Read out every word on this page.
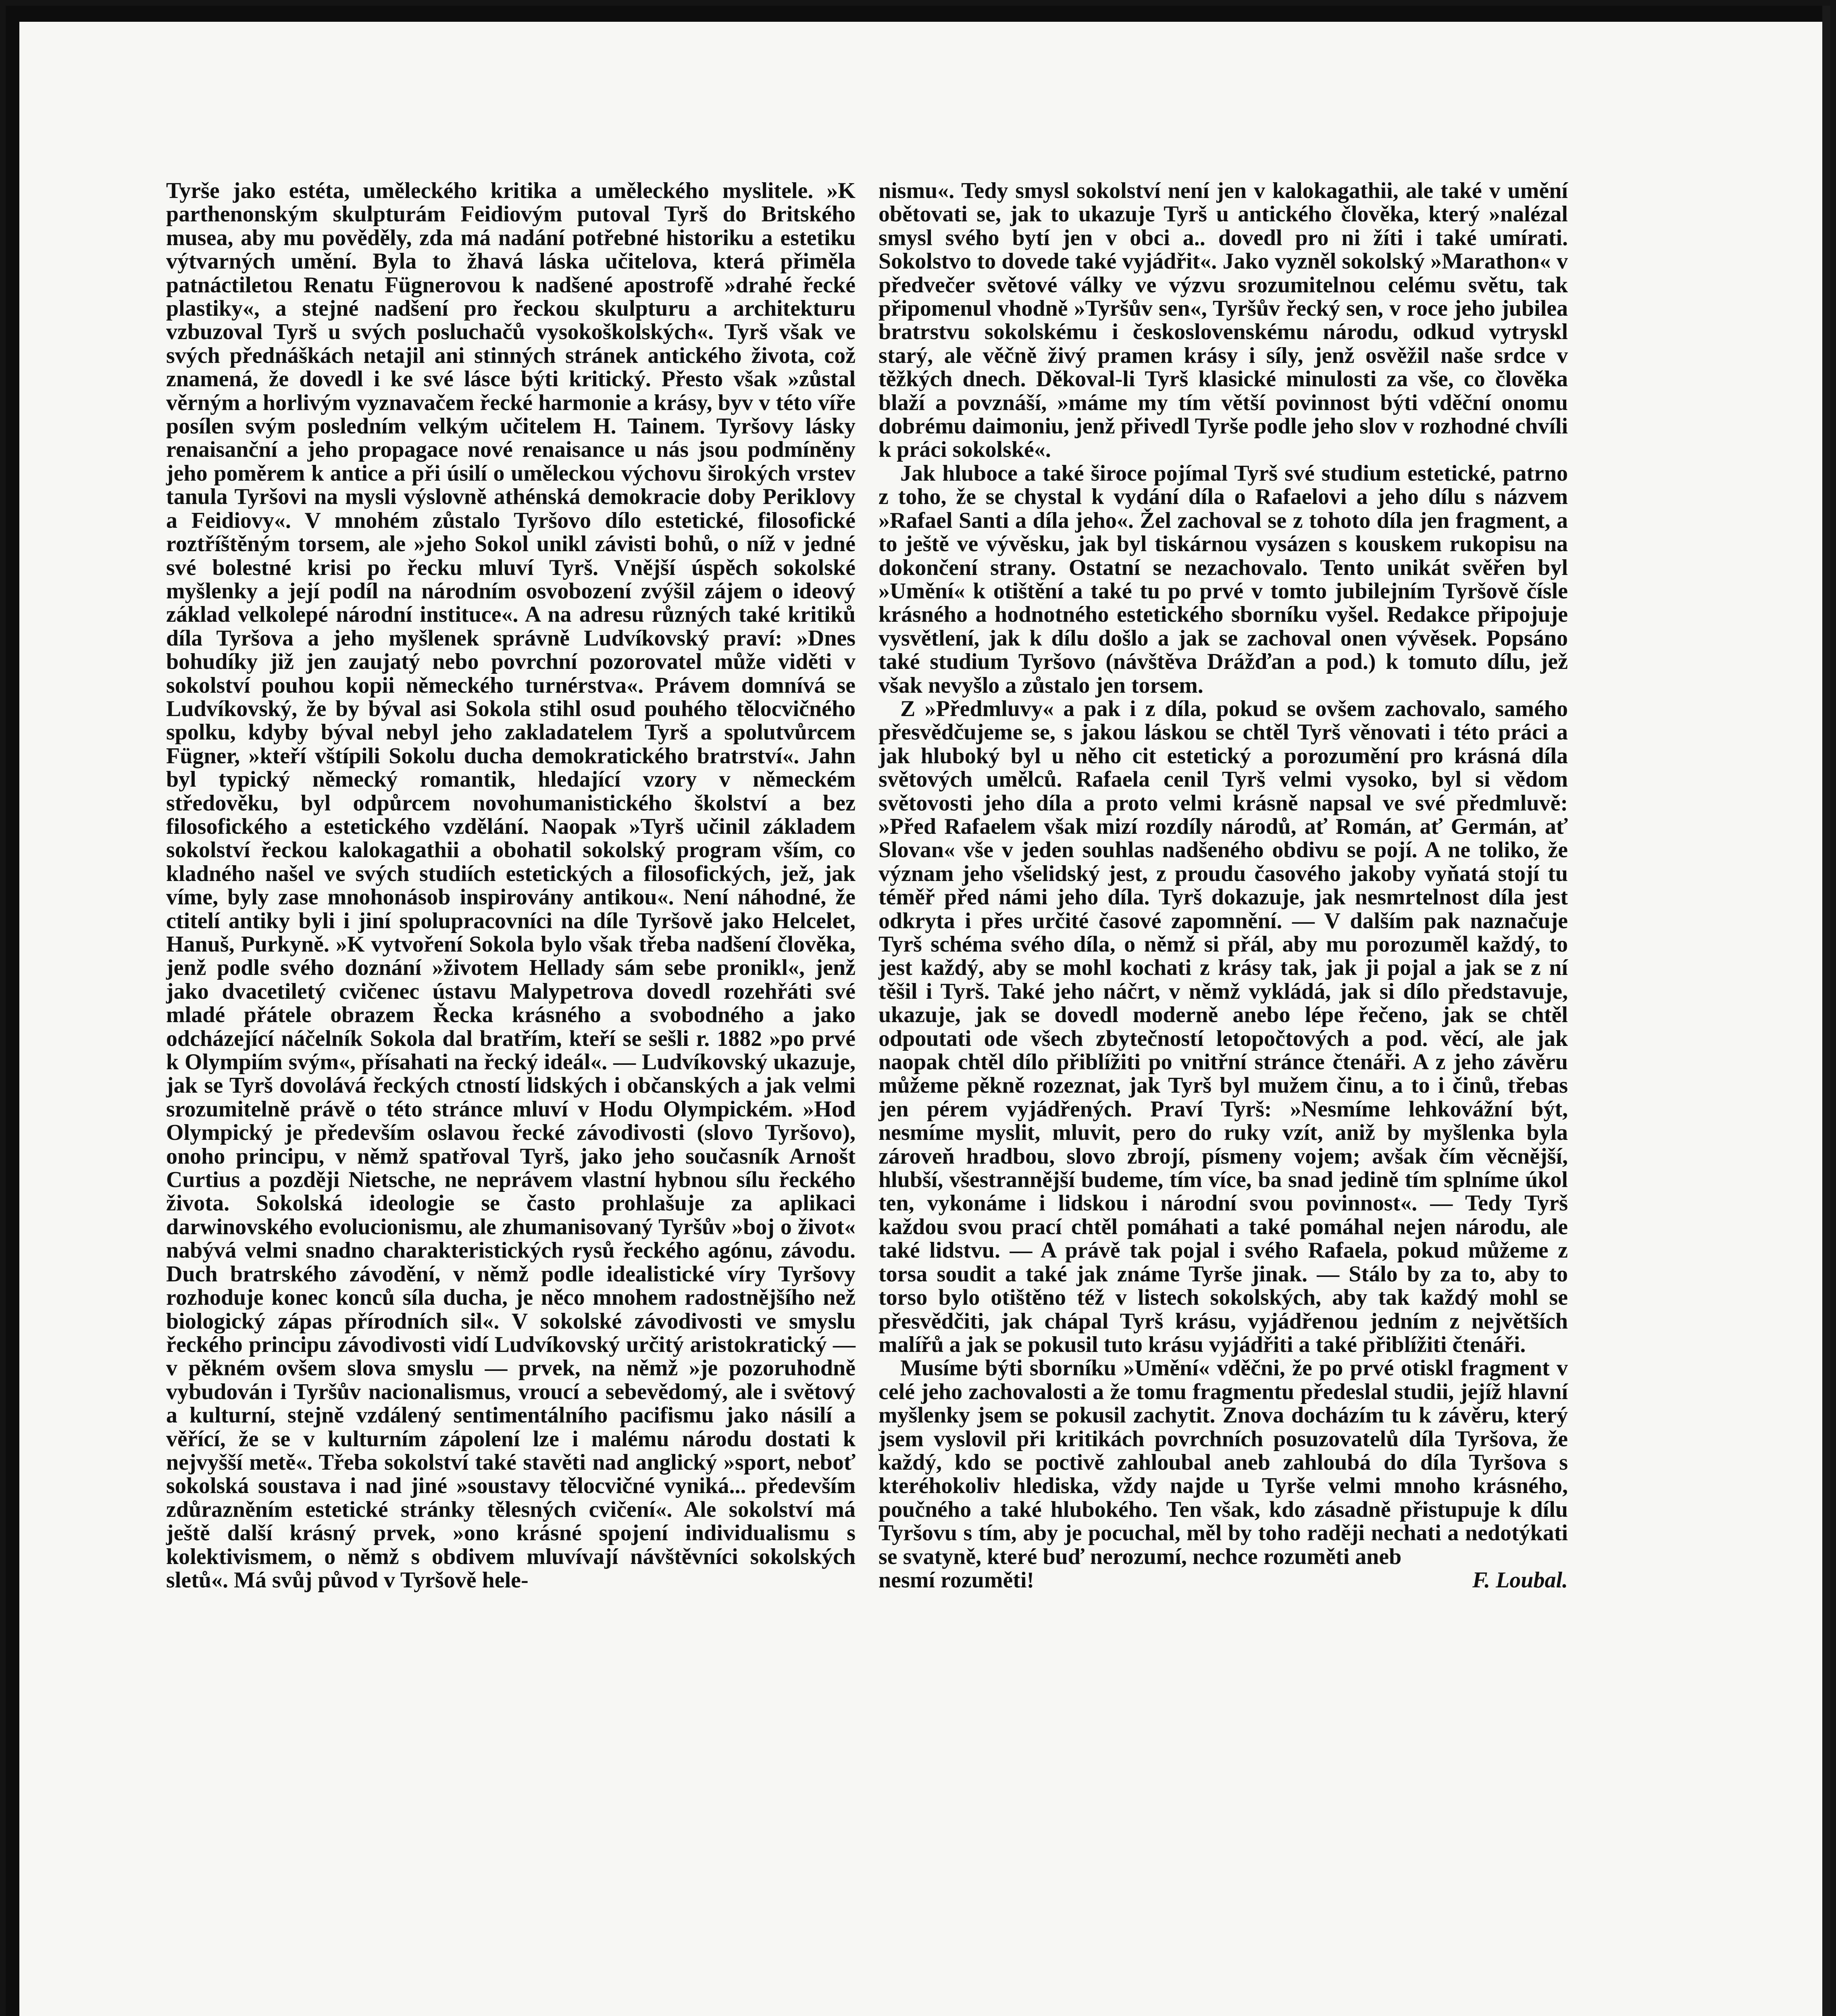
Tyrše jako estéta, uměleckého kritika a uměleckého myslitele. »K parthenonským skulpturám Feidiovým putoval Tyrš do Britského musea, aby mu pověděly, zda má nadání potřebné historiku a estetiku výtvarných umění. Byla to žhavá láska učitelova, která přiměla patnáctiletou Renatu Fügnerovou k nadšené apostrofě »drahé řecké plastiky«, a stejné nadšení pro řeckou skulpturu a architekturu vzbuzoval Tyrš u svých posluchačů vysokoškolských«. Tyrš však ve svých přednáškách netajil ani stinných stránek antického života, což znamená, že dovedl i ke své lásce býti kritický. Přesto však »zůstal věrným a horlivým vyznavačem řecké harmonie a krásy, byv v této víře posílen svým posledním velkým učitelem H. Tainem. Tyršovy lásky renaisanční a jeho propagace nové renaisance u nás jsou podmíněny jeho poměrem k antice a při úsilí o uměleckou výchovu širokých vrstev tanula Tyršovi na mysli výslovně athénská demokracie doby Periklovy a Feidiovy«. V mnohém zůstalo Tyršovo dílo estetické, filosofické roztříštěným torsem, ale »jeho Sokol unikl závisti bohů, o níž v jedné své bolestné krisi po řecku mluví Tyrš. Vnější úspěch sokolské myšlenky a její podíl na národním osvobození zvýšil zájem o ideový základ velkolepé národní instituce«. A na adresu různých také kritiků díla Tyršova a jeho myšlenek správně Ludvíkovský praví: »Dnes bohudíky již jen zaujatý nebo povrchní pozorovatel může viděti v sokolství pouhou kopii německého turnérstva«. Právem domnívá se Ludvíkovský, že by býval asi Sokola stihl osud pouhého tělocvičného spolku, kdyby býval nebyl jeho zakladatelem Tyrš a spolutvůrcem Fügner, »kteří vštípili Sokolu ducha demokratického bratrství«. Jahn byl typický německý romantik, hledající vzory v německém středověku, byl odpůrcem novohumanistického školství a bez filosofického a estetického vzdělání. Naopak »Tyrš učinil základem sokolství řeckou kalokagathii a obohatil sokolský program vším, co kladného našel ve svých studiích estetických a filosofických, jež, jak víme, byly zase mnohonásob inspirovány antikou«. Není náhodné, že ctitelí antiky byli i jiní spolupracovníci na díle Tyršově jako Helcelet, Hanuš, Purkyně. »K vytvoření Sokola bylo však třeba nadšení člověka, jenž podle svého doznání »životem Hellady sám sebe pronikl«, jenž jako dvacetiletý cvičenec ústavu Malypetrova dovedl rozehřáti své mladé přátele obrazem Řecka krásného a svobodného a jako odcházející náčelník Sokola dal bratřím, kteří se sešli r. 1882 »po prvé k Olympiím svým«, přísahati na řecký ideál«. — Ludvíkovský ukazuje, jak se Tyrš dovolává řeckých ctností lidských i občanských a jak velmi srozumitelně právě o této stránce mluví v Hodu Olympickém. »Hod Olympický je především oslavou řecké závodivosti (slovo Tyršovo), onoho principu, v němž spatřoval Tyrš, jako jeho současník Arnošt Curtius a později Nietsche, ne neprávem vlastní hybnou sílu řeckého života. Sokolská ideologie se často prohlašuje za aplikaci darwinovského evolucionismu, ale zhumanisovaný Tyršův »boj o život« nabývá velmi snadno charakteristických rysů řeckého agónu, závodu. Duch bratrského závodění, v němž podle idealistické víry Tyršovy rozhoduje konec konců síla ducha, je něco mnohem radostnějšího než biologický zápas přírodních sil«. V sokolské závodivosti ve smyslu řeckého principu závodivosti vidí Ludvíkovský určitý aristokratický — v pěkném ovšem slova smyslu — prvek, na němž »je pozoruhodně vybudován i Tyršův nacionalismus, vroucí a sebevědomý, ale i světový a kulturní, stejně vzdálený sentimentálního pacifismu jako násilí a věřící, že se v kulturním zápolení lze i malému národu dostati k nejvyšší metě«. Třeba sokolství také stavěti nad anglický »sport, neboť sokolská soustava i nad jiné »soustavy tělocvičné vyniká... především zdůrazněním estetické stránky tělesných cvičení«. Ale sokolství má ještě další krásný prvek, »ono krásné spojení individualismu s kolektivismem, o němž s obdivem mluvívají návštěvníci sokolských sletů«. Má svůj původ v Tyršově hele-

nismu«. Tedy smysl sokolství není jen v kalokagathii, ale také v umění obětovati se, jak to ukazuje Tyrš u antického člověka, který »nalézal smysl svého bytí jen v obci a.. dovedl pro ni žíti i také umírati. Sokolstvo to dovede také vyjádřit«. Jako vyzněl sokolský »Marathon« v předvečer světové války ve výzvu srozumitelnou celému světu, tak připomenul vhodně »Tyršův sen«, Tyršův řecký sen, v roce jeho jubilea bratrstvu sokolskému i československému národu, odkud vytryskl starý, ale věčně živý pramen krásy i síly, jenž osvěžil naše srdce v těžkých dnech. Děkoval-li Tyrš klasické minulosti za vše, co člověka blaží a povznáší, »máme my tím větší povinnost býti vděční onomu dobrému daimoniu, jenž přivedl Tyrše podle jeho slov v rozhodné chvíli k práci sokolské«.

Jak hluboce a také široce pojímal Tyrš své studium estetické, patrno z toho, že se chystal k vydání díla o Rafaelovi a jeho dílu s názvem »Rafael Santi a dílа jeho«. Žel zachoval se z tohoto díla jen fragment, a to ještě ve vývěsku, jak byl tiskárnou vysázen s kouskem rukopisu na dokončení strany. Ostatní se nezachovalo. Tento unikát svěřen byl »Umění« k otištění a také tu po prvé v tomto jubilejním Tyršově čísle krásného a hodnotného estetického sborníku vyšel. Redakce připojuje vysvětlení, jak k dílu došlo a jak se zachoval onen vývěsek. Popsáno také studium Tyršovo (návštěva Drážďan a pod.) k tomuto dílu, jež však nevyšlo a zůstalo jen torsem.

Z »Předmluvy« a pak i z díla, pokud se ovšem zachovalo, samého přesvědčujeme se, s jakou láskou se chtěl Tyrš věnovati i této práci a jak hluboký byl u něho cit estetický a porozumění pro krásná díla světových umělců. Rafaela cenil Tyrš velmi vysoko, byl si vědom světovosti jeho díla a proto velmi krásně napsal ve své předmluvě: »Před Rafaelem však mizí rozdíly národů, ať Román, ať Germán, ať Slovan« vše v jeden souhlas nadšeného obdivu se pojí. A ne toliko, že význam jeho všelidský jest, z proudu časového jakoby vyňatá stojí tu téměř před námi jeho díla. Tyrš dokazuje, jak nesmrtelnost díla jest odkryta i přes určité časové zapomnění. — V dalším pak naznačuje Tyrš schéma svého díla, o němž si přál, aby mu porozuměl každý, to jest každý, aby se mohl kochati z krásy tak, jak ji pojal a jak se z ní těšil i Tyrš. Také jeho náčrt, v němž vykládá, jak si dílo představuje, ukazuje, jak se dovedl moderně anebo lépe řečeno, jak se chtěl odpoutati ode všech zbytečností letopočtových a pod. věcí, ale jak naopak chtěl dílo přiblížiti po vnitřní stránce čtenáři. A z jeho závěru můžeme pěkně rozeznat, jak Tyrš byl mužem činu, a to i činů, třebas jen pérem vyjádřených. Praví Tyrš: »Nesmíme lehkovážní být, nesmíme myslit, mluvit, pero do ruky vzít, aniž by myšlenka byla zároveň hradbou, slovo zbrojí, písmeny vojem; avšak čím věcnější, hlubší, všestrannější budeme, tím více, ba snad jedině tím splníme úkol ten, vykonáme i lidskou i národní svou povinnost«. — Tedy Tyrš každou svou prací chtěl pomáhati a také pomáhal nejen národu, ale také lidstvu. — A právě tak pojal i svého Rafaela, pokud můžeme z torsa soudit a také jak známe Tyrše jinak. — Stálo by za to, aby to torso bylo otištěno též v listech sokolských, aby tak každý mohl se přesvědčiti, jak chápal Tyrš krásu, vyjádřenou jedním z největších malířů a jak se pokusil tuto krásu vyjádřiti a také přiblížiti čtenáři.

Musíme býti sborníku »Umění« vděčni, že po prvé otiskl fragment v celé jeho zachovalosti a že tomu fragmentu předeslal studii, jejíž hlavní myšlenky jsem se pokusil zachytit. Znova docházím tu k závěru, který jsem vyslovil při kritikách povrchních posuzovatelů díla Tyršova, že každý, kdo se poctivě zahloubal aneb zahloubá do díla Tyršova s kteréhokoliv hlediska, vždy najde u Tyrše velmi mnoho krásného, poučného a také hlubokého. Ten však, kdo zásadně přistupuje k dílu Tyršovu s tím, aby je pocuchal, měl by toho raději nechati a nedotýkati se svatyně, které buď nerozumí, nechce rozuměti aneb

nesmí rozuměti!	F. Loubal.
